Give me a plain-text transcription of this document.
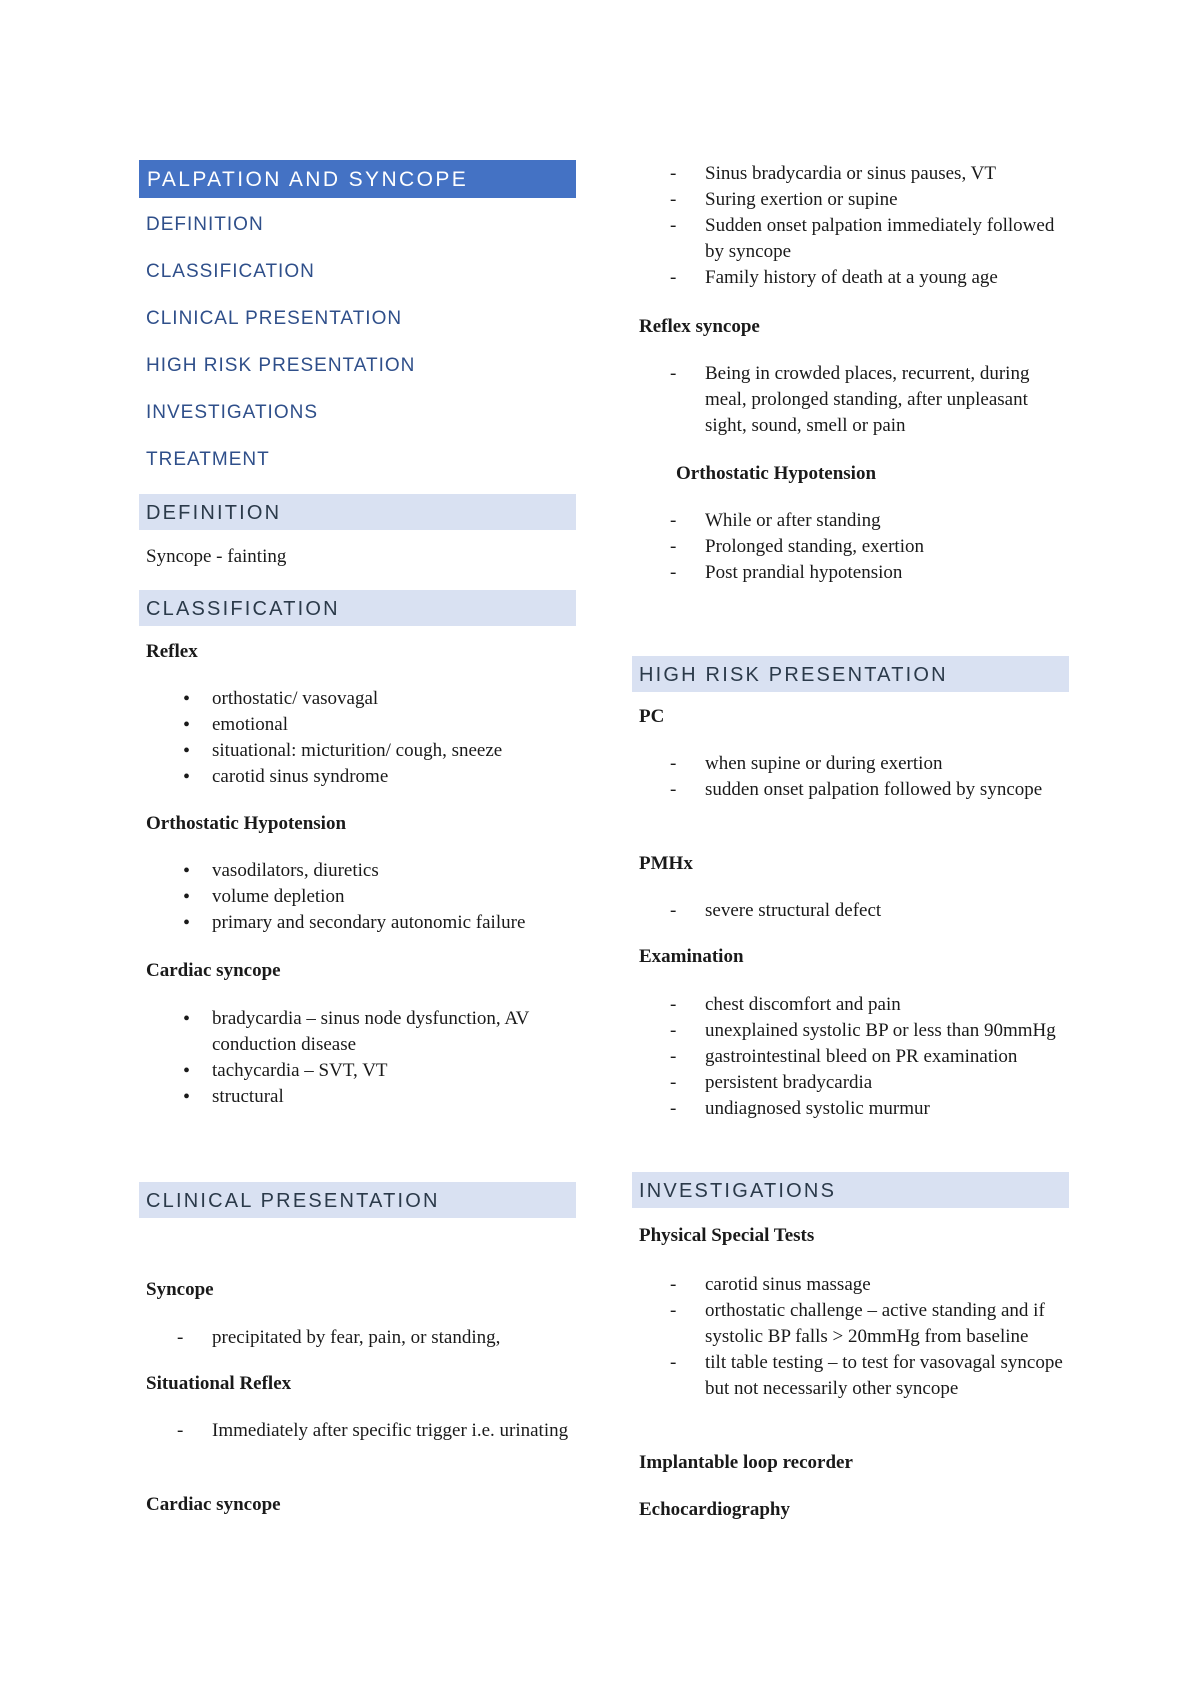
PALPATION AND SYNCOPE
DEFINITION
CLASSIFICATION
CLINICAL PRESENTATION
HIGH RISK PRESENTATION
INVESTIGATIONS
TREATMENT
DEFINITION
Syncope - fainting
CLASSIFICATION
Reflex
• orthostatic/ vasovagal
• emotional
• situational: micturition/ cough, sneeze
• carotid sinus syndrome
Orthostatic Hypotension
• vasodilators, diuretics
• volume depletion
• primary and secondary autonomic failure
Cardiac syncope
• bradycardia – sinus node dysfunction, AV conduction disease
• tachycardia – SVT, VT
• structural
CLINICAL PRESENTATION
Syncope
- precipitated by fear, pain, or standing,
Situational Reflex
- Immediately after specific trigger i.e. urinating
Cardiac syncope
- Sinus bradycardia or sinus pauses, VT
- Suring exertion or supine
- Sudden onset palpation immediately followed by syncope
- Family history of death at a young age
Reflex syncope
- Being in crowded places, recurrent, during meal, prolonged standing, after unpleasant sight, sound, smell or pain
Orthostatic Hypotension
- While or after standing
- Prolonged standing, exertion
- Post prandial hypotension
HIGH RISK PRESENTATION
PC
- when supine or during exertion
- sudden onset palpation followed by syncope
PMHx
- severe structural defect
Examination
- chest discomfort and pain
- unexplained systolic BP or less than 90mmHg
- gastrointestinal bleed on PR examination
- persistent bradycardia
- undiagnosed systolic murmur
INVESTIGATIONS
Physical Special Tests
- carotid sinus massage
- orthostatic challenge – active standing and if systolic BP falls > 20mmHg from baseline
- tilt table testing – to test for vasovagal syncope but not necessarily other syncope
Implantable loop recorder
Echocardiography
